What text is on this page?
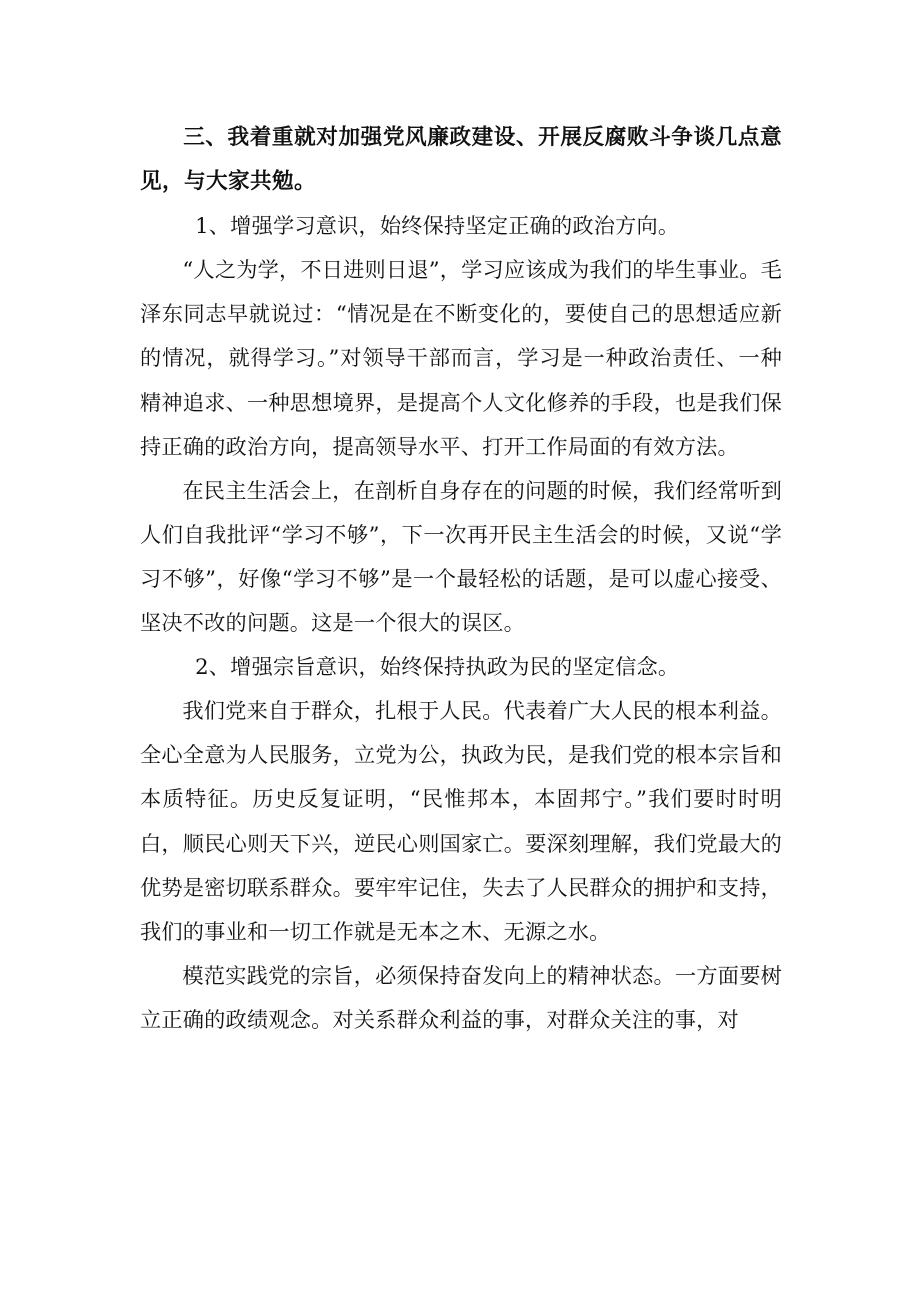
三、我着重就对加强党风廉政建设、开展反腐败斗争谈几点意见，与大家共勉。

1、增强学习意识，始终保持坚定正确的政治方向。

“人之为学，不日进则日退”，学习应该成为我们的毕生事业。毛泽东同志早就说过：“情况是在不断变化的，要使自己的思想适应新的情况，就得学习。”对领导干部而言，学习是一种政治责任、一种精神追求、一种思想境界，是提高个人文化修养的手段，也是我们保持正确的政治方向，提高领导水平、打开工作局面的有效方法。

在民主生活会上，在剖析自身存在的问题的时候，我们经常听到人们自我批评“学习不够”，下一次再开民主生活会的时候，又说“学习不够”，好像“学习不够”是一个最轻松的话题，是可以虚心接受、坚决不改的问题。这是一个很大的误区。

2、增强宗旨意识，始终保持执政为民的坚定信念。

我们党来自于群众，扎根于人民。代表着广大人民的根本利益。全心全意为人民服务，立党为公，执政为民，是我们党的根本宗旨和本质特征。历史反复证明，“民惟邦本，本固邦宁。”我们要时时明白，顺民心则天下兴，逆民心则国家亡。要深刻理解，我们党最大的优势是密切联系群众。要牢牢记住，失去了人民群众的拥护和支持，我们的事业和一切工作就是无本之木、无源之水。

模范实践党的宗旨，必须保持奋发向上的精神状态。一方面要树立正确的政绩观念。对关系群众利益的事，对群众关注的事，对
